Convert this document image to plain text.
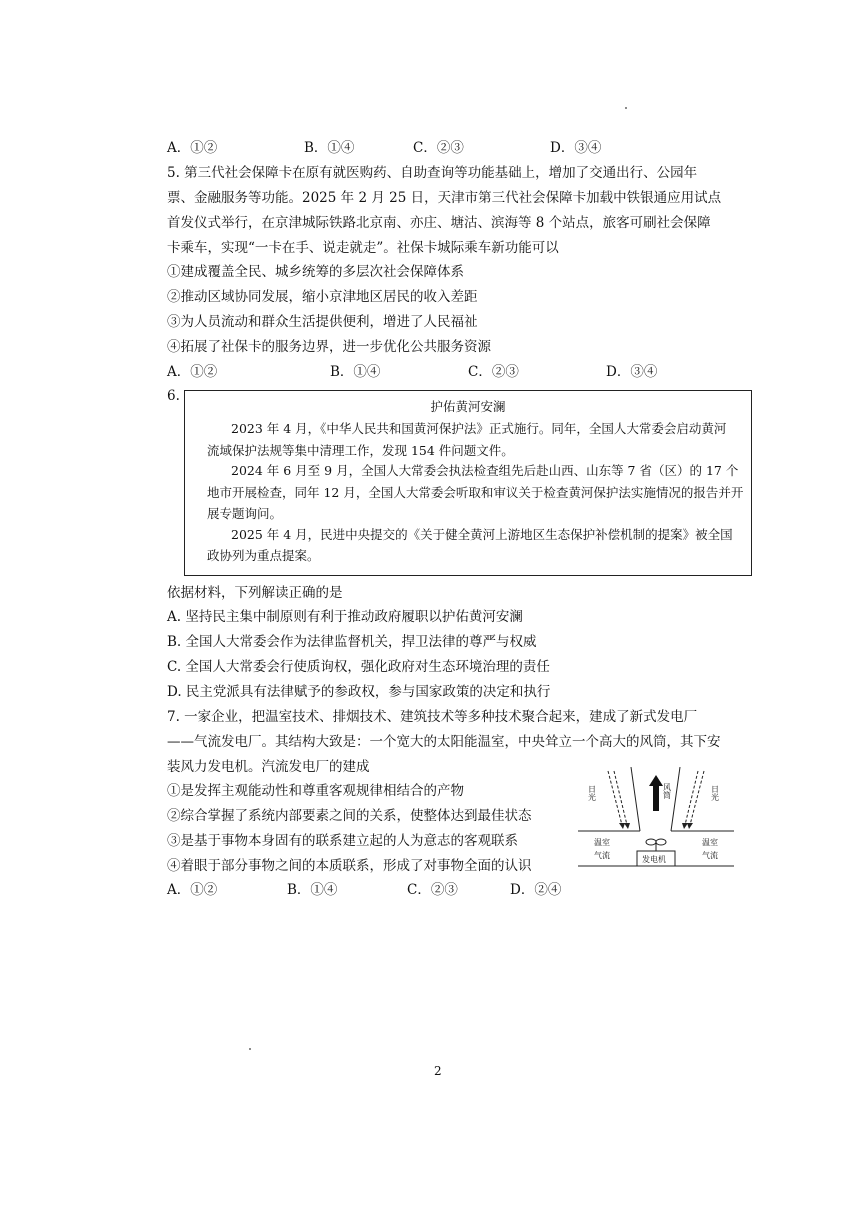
A．①②	B．①④	C．②③	D．③④
5. 第三代社会保障卡在原有就医购药、自助查询等功能基础上，增加了交通出行、公园年
票、金融服务等功能。2025 年 2 月 25 日，天津市第三代社会保障卡加载中铁银通应用试点
首发仪式举行，在京津城际铁路北京南、亦庄、塘沽、滨海等 8 个站点，旅客可刷社会保障
卡乘车，实现“一卡在手、说走就走”。社保卡城际乘车新功能可以
①建成覆盖全民、城乡统筹的多层次社会保障体系
②推动区域协同发展，缩小京津地区居民的收入差距
③为人员流动和群众生活提供便利，增进了人民福祉
④拓展了社保卡的服务边界，进一步优化公共服务资源
A．①②	B．①④	C．②③	D．③④
6.
护佑黄河安澜
2023 年 4 月，《中华人民共和国黄河保护法》正式施行。同年，全国人大常委会启动黄河
流域保护法规等集中清理工作，发现 154 件问题文件。
2024 年 6 月至 9 月，全国人大常委会执法检查组先后赴山西、山东等 7 省（区）的 17 个
地市开展检查，同年 12 月，全国人大常委会听取和审议关于检查黄河保护法实施情况的报告并开
展专题询问。
2025 年 4 月，民进中央提交的《关于健全黄河上游地区生态保护补偿机制的提案》被全国
政协列为重点提案。
依据材料，下列解读正确的是
A. 坚持民主集中制原则有利于推动政府履职以护佑黄河安澜
B. 全国人大常委会作为法律监督机关，捍卫法律的尊严与权威
C. 全国人大常委会行使质询权，强化政府对生态环境治理的责任
D. 民主党派具有法律赋予的参政权，参与国家政策的决定和执行
7. 一家企业，把温室技术、排烟技术、建筑技术等多种技术聚合起来，建成了新式发电厂
——气流发电厂。其结构大致是：一个宽大的太阳能温室，中央耸立一个高大的风筒，其下安
装风力发电机。汽流发电厂的建成
①是发挥主观能动性和尊重客观规律相结合的产物
②综合掌握了系统内部要素之间的关系，使整体达到最佳状态
③是基于事物本身固有的联系建立起的人为意志的客观联系
④着眼于部分事物之间的本质联系，形成了对事物全面的认识
A．①②	B．①④	C．②③	D．②④
日光	日光
风筒
温室
气流
温室
气流
发电机
2
